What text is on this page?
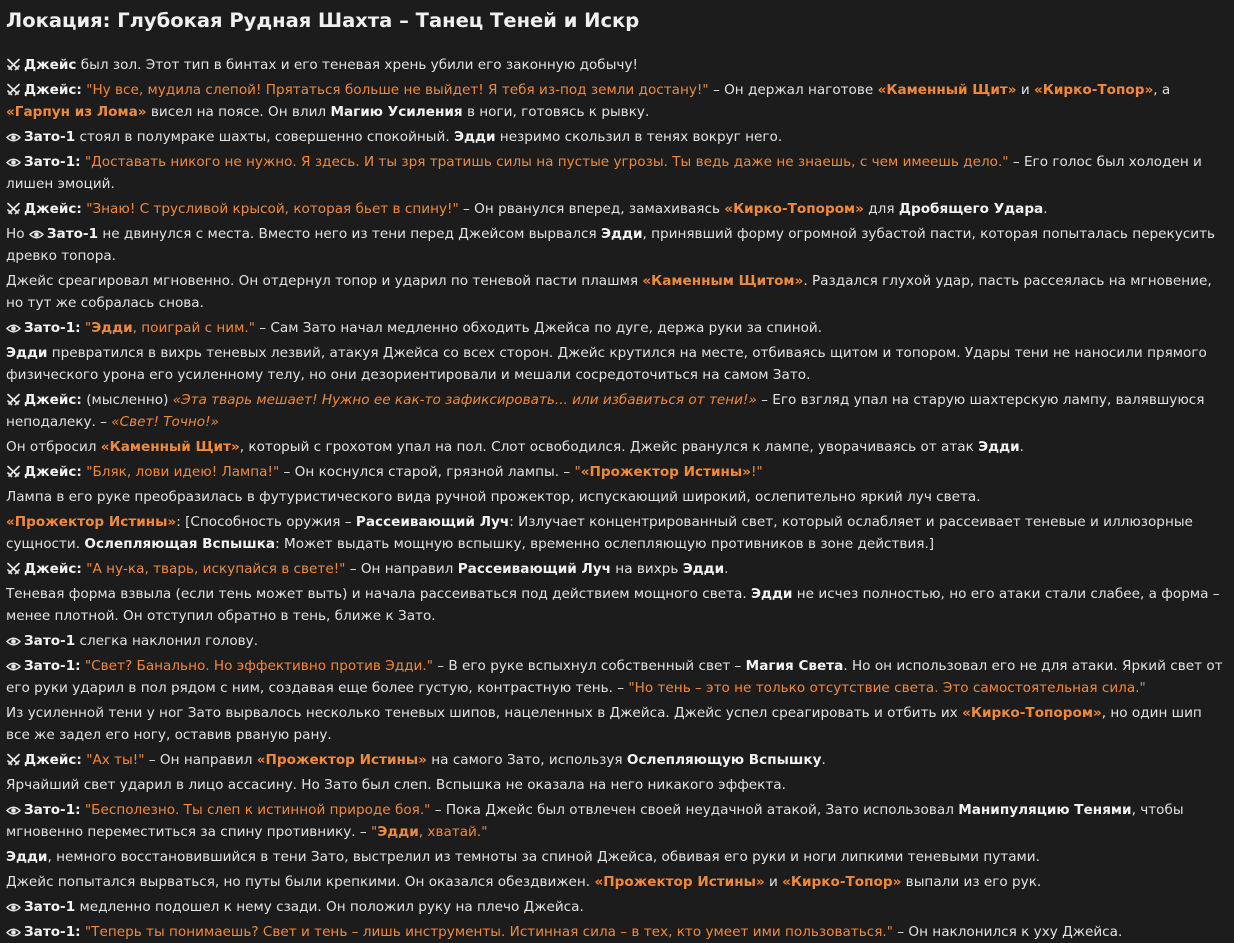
Локация: Глубокая Рудная Шахта – Танец Теней и Искр

Джейс был зол. Этот тип в бинтах и его теневая хрень убили его законную добычу!

Джейс: "Ну все, мудила слепой! Прятаться больше не выйдет! Я тебя из-под земли достану!" – Он держал наготове «Каменный Щит» и «Кирко-Топор», а «Гарпун из Лома» висел на поясе. Он влил Магию Усиления в ноги, готовясь к рывку.

Зато-1 стоял в полумраке шахты, совершенно спокойный. Эдди незримо скользил в тенях вокруг него.

Зато-1: "Доставать никого не нужно. Я здесь. И ты зря тратишь силы на пустые угрозы. Ты ведь даже не знаешь, с чем имеешь дело." – Его голос был холоден и лишен эмоций.

Джейс: "Знаю! С трусливой крысой, которая бьет в спину!" – Он рванулся вперед, замахиваясь «Кирко-Топором» для Дробящего Удара.

Но Зато-1 не двинулся с места. Вместо него из тени перед Джейсом вырвался Эдди, принявший форму огромной зубастой пасти, которая попыталась перекусить древко топора.

Джейс среагировал мгновенно. Он отдернул топор и ударил по теневой пасти плашмя «Каменным Щитом». Раздался глухой удар, пасть рассеялась на мгновение, но тут же собралась снова.

Зато-1: "Эдди, поиграй с ним." – Сам Зато начал медленно обходить Джейса по дуге, держа руки за спиной.

Эдди превратился в вихрь теневых лезвий, атакуя Джейса со всех сторон. Джейс крутился на месте, отбиваясь щитом и топором. Удары тени не наносили прямого физического урона его усиленному телу, но они дезориентировали и мешали сосредоточиться на самом Зато.

Джейс: (мысленно) «Эта тварь мешает! Нужно ее как-то зафиксировать... или избавиться от тени!» – Его взгляд упал на старую шахтерскую лампу, валявшуюся неподалеку. – «Свет! Точно!»

Он отбросил «Каменный Щит», который с грохотом упал на пол. Слот освободился. Джейс рванулся к лампе, уворачиваясь от атак Эдди.

Джейс: "Бляк, лови идею! Лампа!" – Он коснулся старой, грязной лампы. – "«Прожектор Истины»!"

Лампа в его руке преобразилась в футуристического вида ручной прожектор, испускающий широкий, ослепительно яркий луч света.

«Прожектор Истины»: [Способность оружия – Рассеивающий Луч: Излучает концентрированный свет, который ослабляет и рассеивает теневые и иллюзорные сущности. Ослепляющая Вспышка: Может выдать мощную вспышку, временно ослепляющую противников в зоне действия.]

Джейс: "А ну-ка, тварь, искупайся в свете!" – Он направил Рассеивающий Луч на вихрь Эдди.

Теневая форма взвыла (если тень может выть) и начала рассеиваться под действием мощного света. Эдди не исчез полностью, но его атаки стали слабее, а форма – менее плотной. Он отступил обратно в тень, ближе к Зато.

Зато-1 слегка наклонил голову.

Зато-1: "Свет? Банально. Но эффективно против Эдди." – В его руке вспыхнул собственный свет – Магия Света. Но он использовал его не для атаки. Яркий свет от его руки ударил в пол рядом с ним, создавая еще более густую, контрастную тень. – "Но тень – это не только отсутствие света. Это самостоятельная сила."

Из усиленной тени у ног Зато вырвалось несколько теневых шипов, нацеленных в Джейса. Джейс успел среагировать и отбить их «Кирко-Топором», но один шип все же задел его ногу, оставив рваную рану.

Джейс: "Ах ты!" – Он направил «Прожектор Истины» на самого Зато, используя Ослепляющую Вспышку.

Ярчайший свет ударил в лицо ассасину. Но Зато был слеп. Вспышка не оказала на него никакого эффекта.

Зато-1: "Бесполезно. Ты слеп к истинной природе боя." – Пока Джейс был отвлечен своей неудачной атакой, Зато использовал Манипуляцию Тенями, чтобы мгновенно переместиться за спину противнику. – "Эдди, хватай."

Эдди, немного восстановившийся в тени Зато, выстрелил из темноты за спиной Джейса, обвивая его руки и ноги липкими теневыми путами.

Джейс попытался вырваться, но путы были крепкими. Он оказался обездвижен. «Прожектор Истины» и «Кирко-Топор» выпали из его рук.

Зато-1 медленно подошел к нему сзади. Он положил руку на плечо Джейса.

Зато-1: "Теперь ты понимаешь? Свет и тень – лишь инструменты. Истинная сила – в тех, кто умеет ими пользоваться." – Он наклонился к уху Джейса.
